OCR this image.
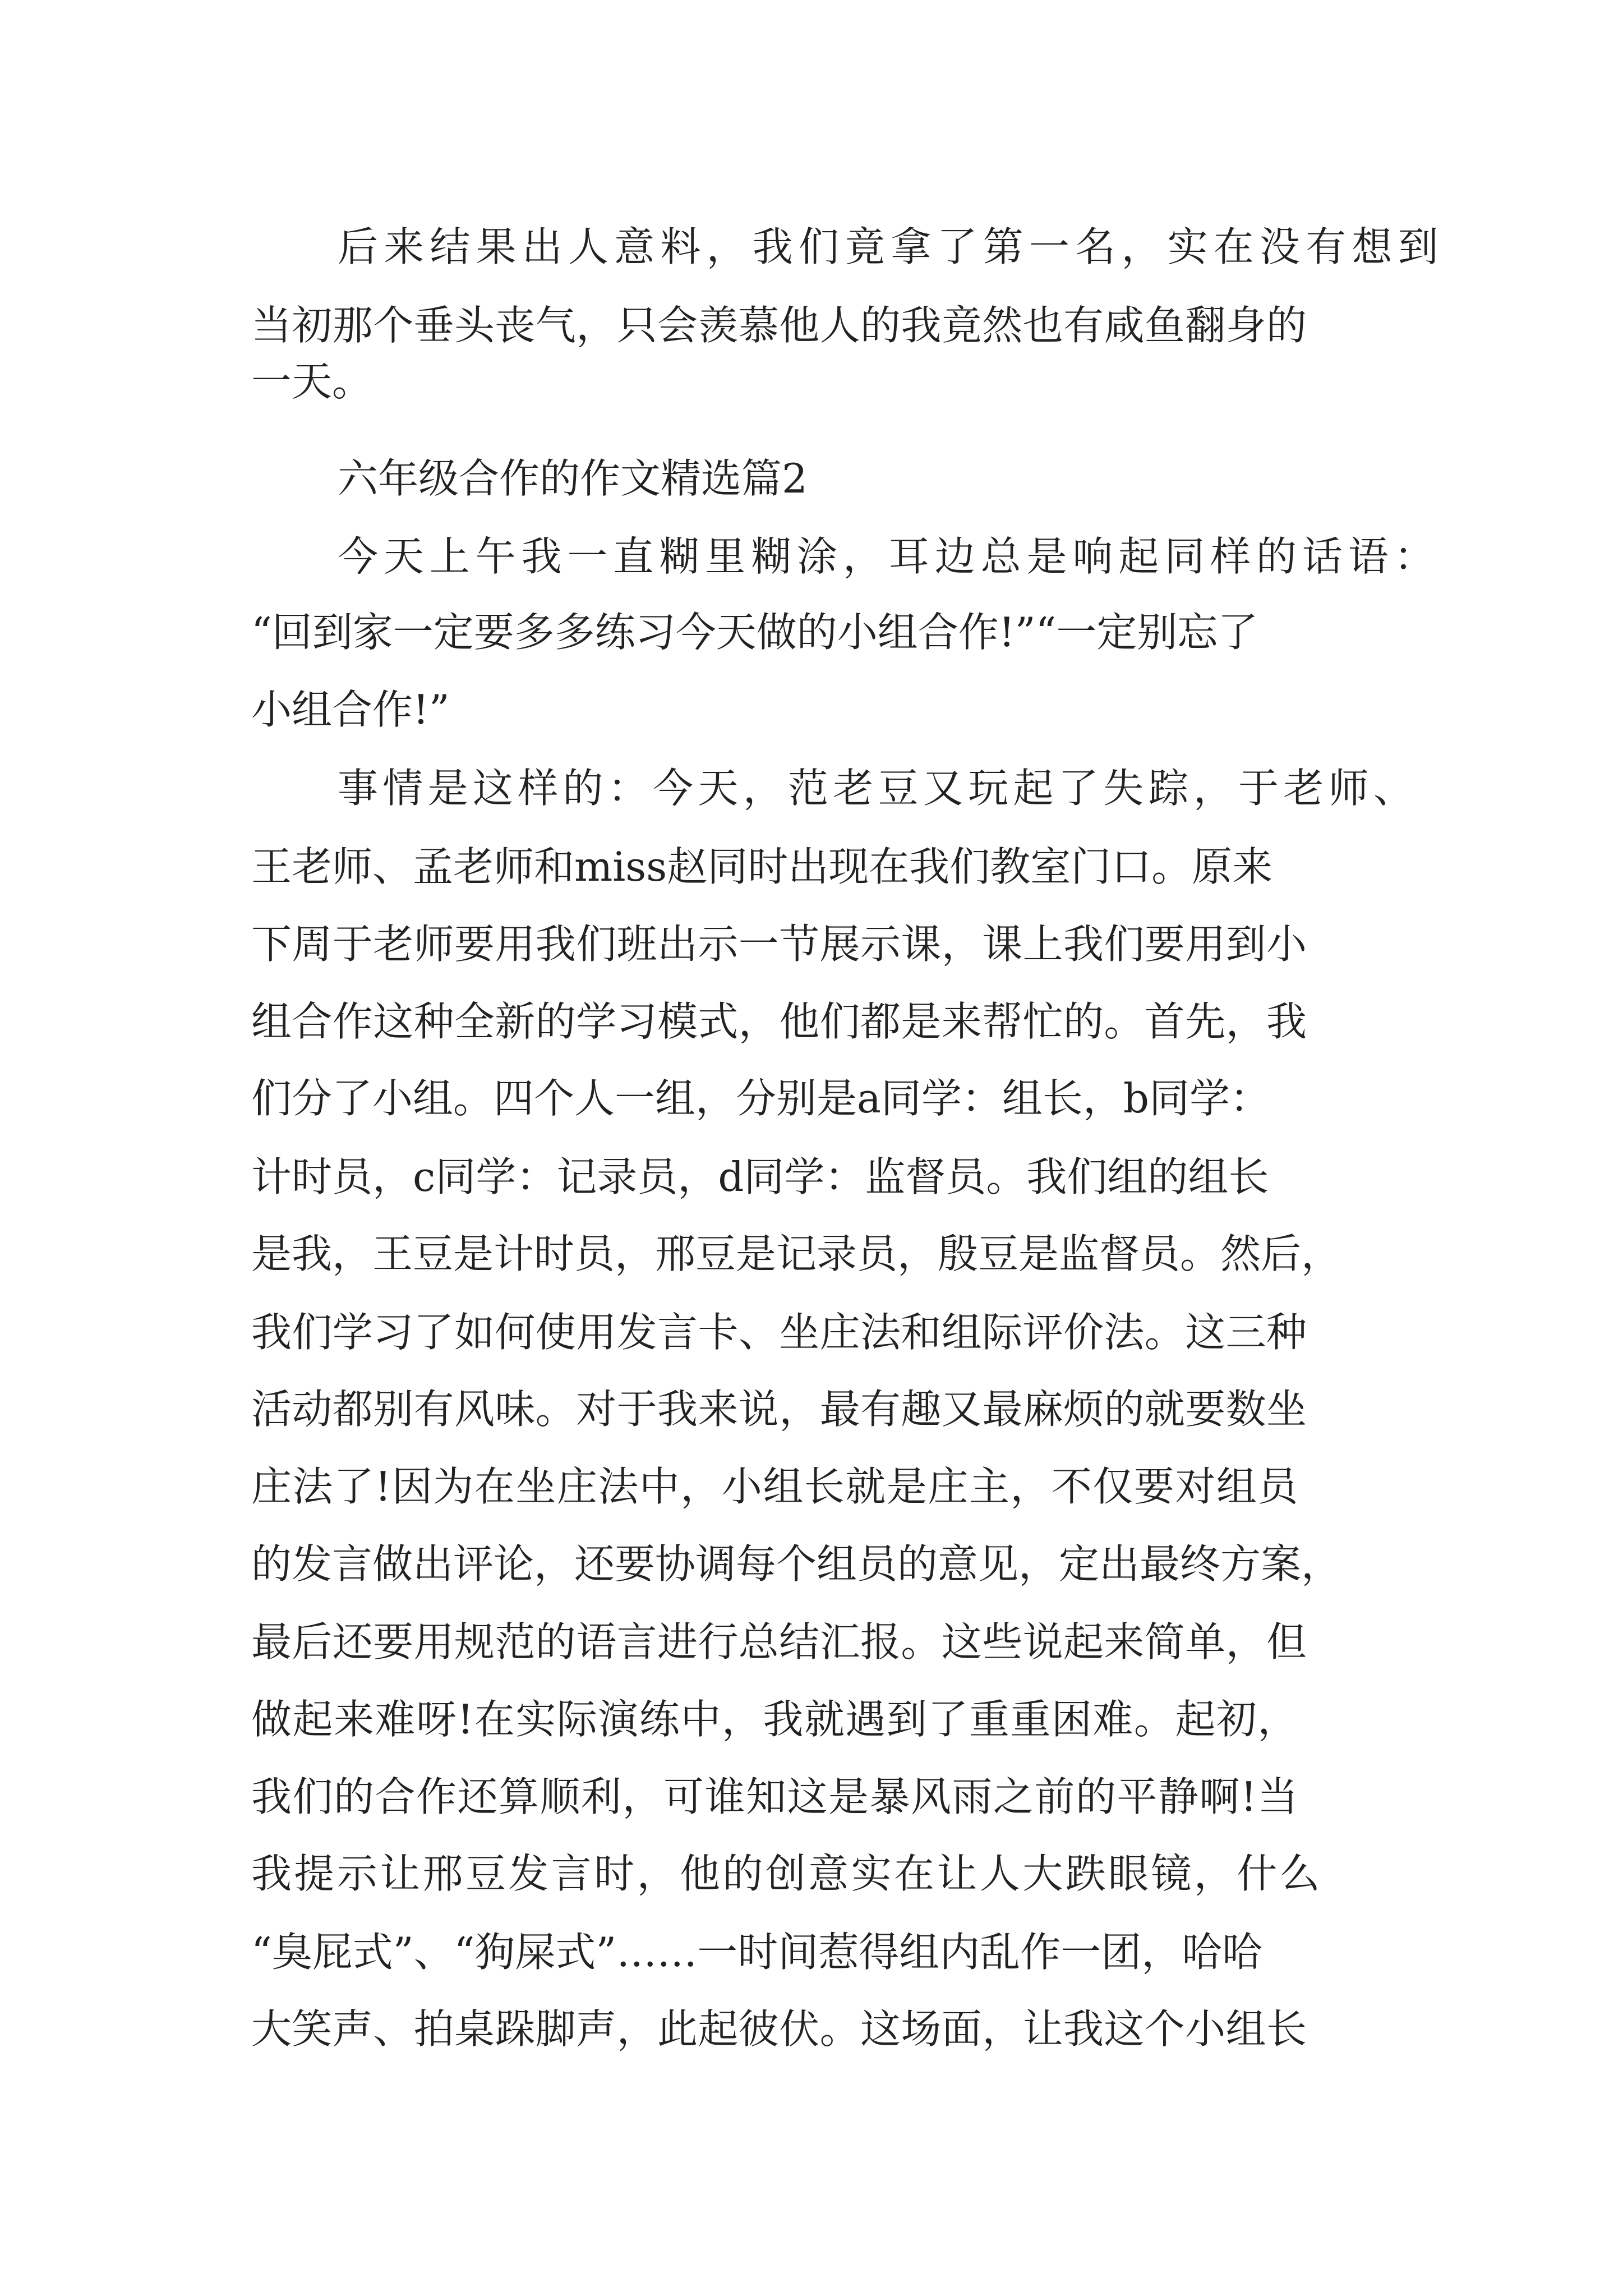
后来结果出人意料，我们竟拿了第一名，实在没有想到
当初那个垂头丧气，只会羡慕他人的我竟然也有咸鱼翻身的
一天。
六年级合作的作文精选篇2
今天上午我一直糊里糊涂，耳边总是响起同样的话语：
“回到家一定要多多练习今天做的小组合作!”“一定别忘了
小组合作!”
事情是这样的：今天，范老豆又玩起了失踪，于老师、
王老师、孟老师和miss赵同时出现在我们教室门口。原来
下周于老师要用我们班出示一节展示课，课上我们要用到小
组合作这种全新的学习模式，他们都是来帮忙的。首先，我
们分了小组。四个人一组，分别是a同学：组长，b同学：
计时员，c同学：记录员，d同学：监督员。我们组的组长
是我，王豆是计时员，邢豆是记录员，殷豆是监督员。然后，
我们学习了如何使用发言卡、坐庄法和组际评价法。这三种
活动都别有风味。对于我来说，最有趣又最麻烦的就要数坐
庄法了!因为在坐庄法中，小组长就是庄主，不仅要对组员
的发言做出评论，还要协调每个组员的意见，定出最终方案，
最后还要用规范的语言进行总结汇报。这些说起来简单，但
做起来难呀!在实际演练中，我就遇到了重重困难。起初，
我们的合作还算顺利，可谁知这是暴风雨之前的平静啊!当
我提示让邢豆发言时，他的创意实在让人大跌眼镜，什么
“臭屁式”、“狗屎式”……一时间惹得组内乱作一团，哈哈
大笑声、拍桌跺脚声，此起彼伏。这场面，让我这个小组长
